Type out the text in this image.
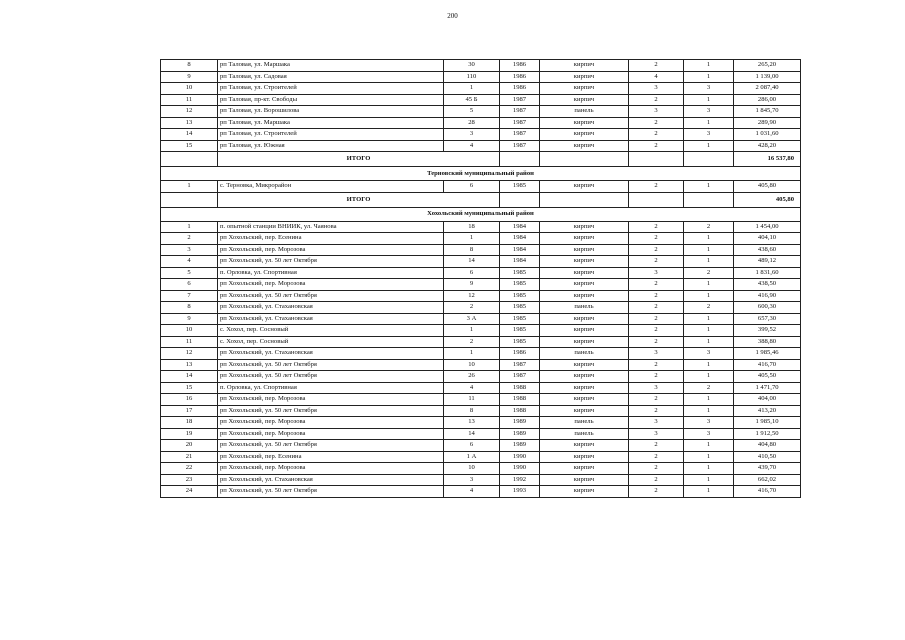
200
8	рп Таловая, ул. Маршака	30	1986	кирпич	2	1	265,20
9	рп Таловая, ул. Садовая	110	1986	кирпич	4	1	1 139,00
10	рп Таловая, ул. Строителей	1	1986	кирпич	3	3	2 087,40
11	рп Таловая, пр-кт. Свободы	45 Б	1987	кирпич	2	1	286,00
12	рп Таловая, ул. Ворошилова	5	1987	панель	3	3	1 845,70
13	рп Таловая, ул. Маршака	28	1987	кирпич	2	1	289,90
14	рп Таловая, ул. Строителей	3	1987	кирпич	2	3	1 031,60
15	рп Таловая, ул. Южная	4	1987	кирпич	2	1	428,20
	ИТОГО						16 537,80
Терновский муниципальный район							
1	с. Терновка, Микрорайон	6	1985	кирпич	2	1	405,80
	ИТОГО						405,80
Хохольский муниципальный район							
1	п. опытной станции ВНИИК, ул. Чаянова	18	1984	кирпич	2	2	1 454,00
2	рп Хохольский, пер. Есенина	1	1984	кирпич	2	1	404,10
3	рп Хохольский, пер. Морозова	8	1984	кирпич	2	1	438,60
4	рп Хохольский, ул. 50 лет Октября	14	1984	кирпич	2	1	489,12
5	п. Орловка, ул. Спортивная	6	1985	кирпич	3	2	1 831,60
6	рп Хохольский, пер. Морозова	9	1985	кирпич	2	1	438,50
7	рп Хохольский, ул. 50 лет Октября	12	1985	кирпич	2	1	416,90
8	рп Хохольский, ул. Стахановская	2	1985	панель	2	2	600,30
9	рп Хохольский, ул. Стахановская	3 А	1985	кирпич	2	1	657,30
10	с. Хохол, пер. Сосновый	1	1985	кирпич	2	1	399,52
11	с. Хохол, пер. Сосновый	2	1985	кирпич	2	1	388,80
12	рп Хохольский, ул. Стахановская	1	1986	панель	3	3	1 985,46
13	рп Хохольский, ул. 50 лет Октября	10	1987	кирпич	2	1	416,70
14	рп Хохольский, ул. 50 лет Октября	26	1987	кирпич	2	1	405,50
15	п. Орловка, ул. Спортивная	4	1988	кирпич	3	2	1 471,70
16	рп Хохольский, пер. Морозова	11	1988	кирпич	2	1	404,00
17	рп Хохольский, ул. 50 лет Октября	8	1988	кирпич	2	1	413,20
18	рп Хохольский, пер. Морозова	13	1989	панель	3	3	1 985,10
19	рп Хохольский, пер. Морозова	14	1989	панель	3	3	1 912,50
20	рп Хохольский, ул. 50 лет Октября	6	1989	кирпич	2	1	404,80
21	рп Хохольский, пер. Есенина	1 А	1990	кирпич	2	1	410,50
22	рп Хохольский, пер. Морозова	10	1990	кирпич	2	1	439,70
23	рп Хохольский, ул. Стахановская	3	1992	кирпич	2	1	662,02
24	рп Хохольский, ул. 50 лет Октября	4	1993	кирпич	2	1	416,70
